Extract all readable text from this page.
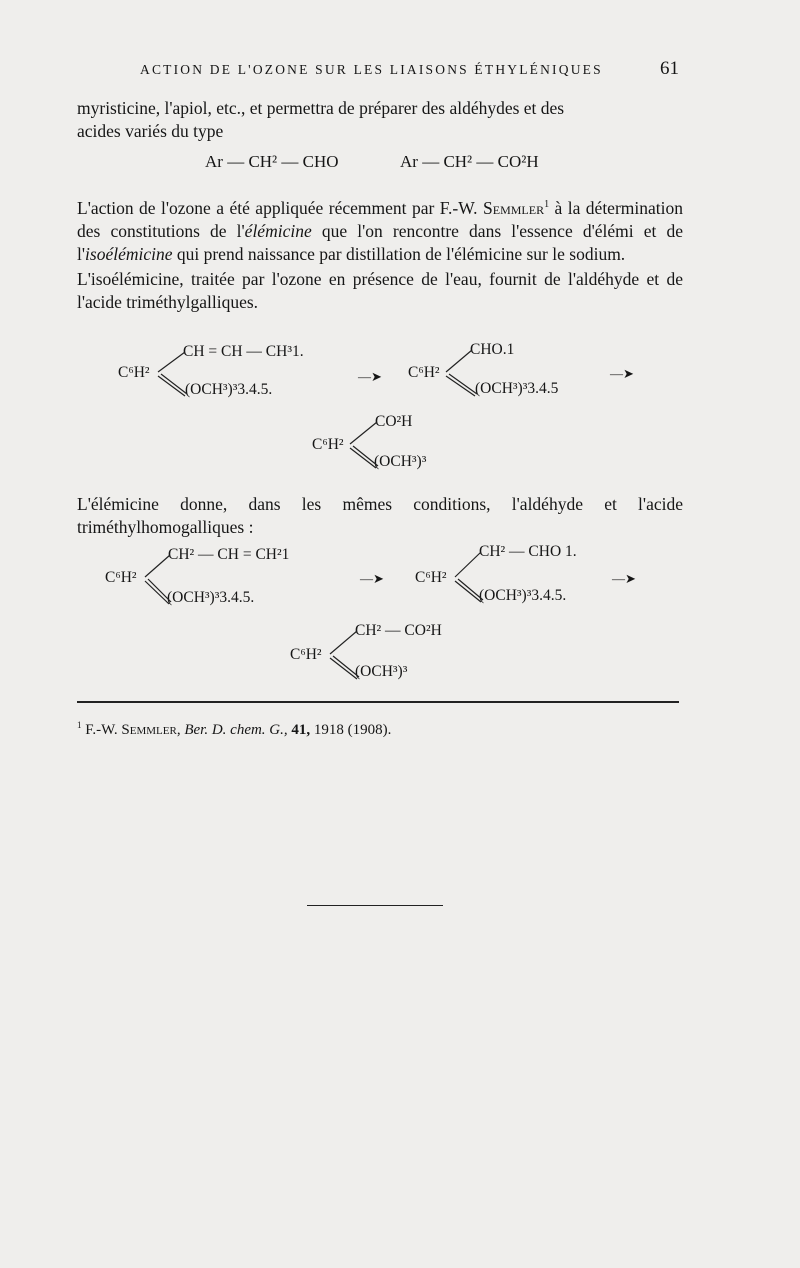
ACTION DE L'OZONE SUR LES LIAISONS ÉTHYLÉNIQUES	61
myristicine, l'apiol, etc., et permettra de préparer des aldéhydes et des
acides variés du type
Ar — CH² — CHO	Ar — CH² — CO²H

L'action de l'ozone a été appliquée récemment par F.-W. Semmler$^1$ à la détermination des constitutions de l'élémicine que l'on rencontre dans l'essence d'élémi et de l'isoélémicine qui prend naissance par distillation de l'élémicine sur le sodium.

L'isoélémicine, traitée par l'ozone en présence de l'eau, fournit de l'aldéhyde et de l'acide triméthylgalliques.

C⁶H²
CH = CH — CH³1.
(OCH³)³3.4.5.
—➤ C⁶H²
CHO.1
(OCH³)³3.4.5
—➤
C⁶H²
CO²H
(OCH³)³

L'élémicine donne, dans les mêmes conditions, l'aldéhyde et l'acide triméthylhomogalliques :

C⁶H²
CH² — CH = CH²1
(OCH³)³3.4.5.
—➤ C⁶H²
CH² — CHO 1.
(OCH³)³3.4.5.
—➤
C⁶H²
CH² — CO²H
(OCH³)³
$^1$ F.-W. Semmler, Ber. D. chem. G., 41, 1918 (1908).
